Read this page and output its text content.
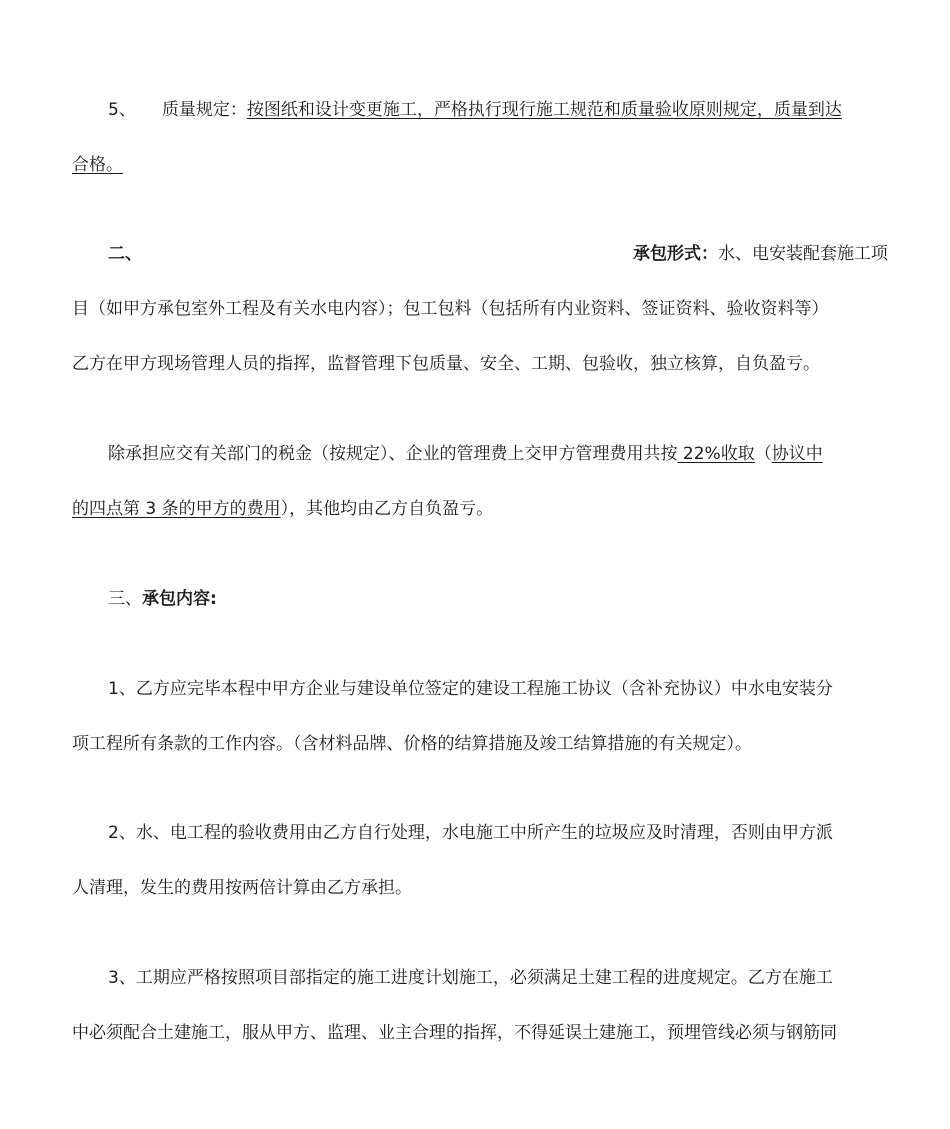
5、 质量规定：按图纸和设计变更施工，严格执行现行施工规范和质量验收原则规定，质量到达
合格。
二、	承包形式：水、电安装配套施工项
目（如甲方承包室外工程及有关水电内容）；包工包料（包括所有内业资料、签证资料、验收资料等）
乙方在甲方现场管理人员的指挥，监督管理下包质量、安全、工期、包验收，独立核算，自负盈亏。
除承担应交有关部门的税金（按规定）、企业的管理费上交甲方管理费用共按 22%收取（协议中
的四点第 3 条的甲方的费用），其他均由乙方自负盈亏。
三、承包内容:
1、乙方应完毕本程中甲方企业与建设单位签定的建设工程施工协议（含补充协议）中水电安装分
项工程所有条款的工作内容。（含材料品牌、价格的结算措施及竣工结算措施的有关规定）。
2、水、电工程的验收费用由乙方自行处理，水电施工中所产生的垃圾应及时清理，否则由甲方派
人清理，发生的费用按两倍计算由乙方承担。
3、工期应严格按照项目部指定的施工进度计划施工，必须满足土建工程的进度规定。乙方在施工
中必须配合土建施工，服从甲方、监理、业主合理的指挥，不得延误土建施工，预埋管线必须与钢筋同
